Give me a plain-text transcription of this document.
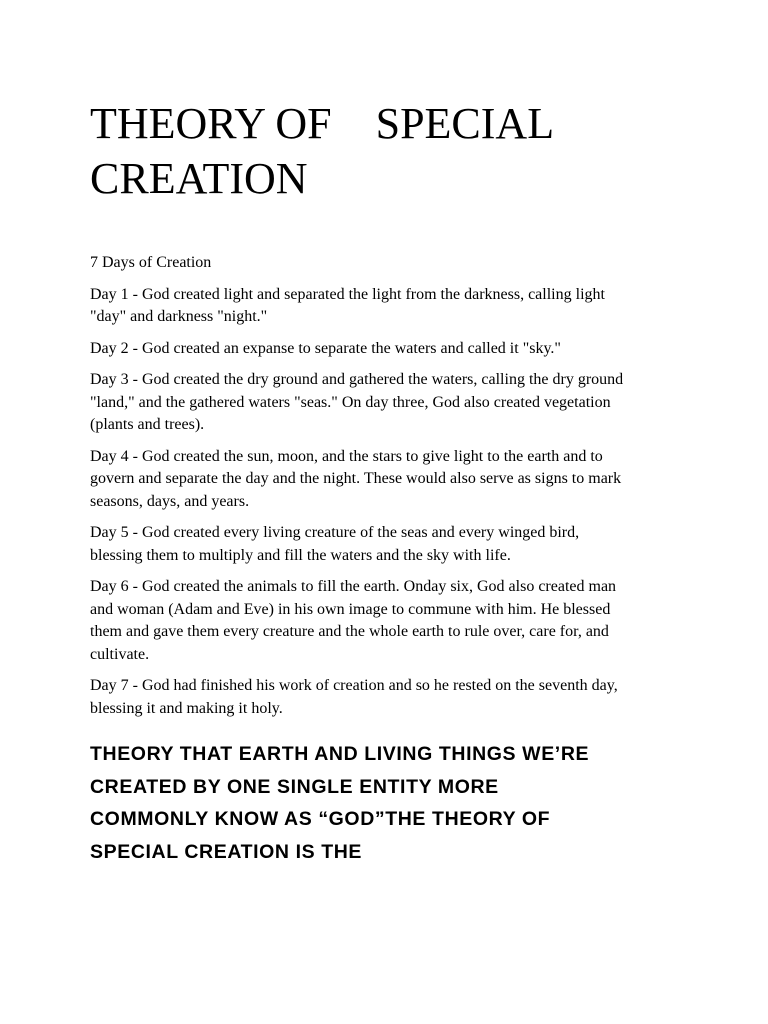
THEORY OF    SPECIAL CREATION

7 Days of Creation

Day 1 - God created light and separated the light from the darkness, calling light
"day" and darkness "night."

Day 2 - God created an expanse to separate the waters and called it "sky."

Day 3 - God created the dry ground and gathered the waters, calling the dry ground
"land," and the gathered waters "seas." On day three, God also created vegetation
(plants and trees).

Day 4 - God created the sun, moon, and the stars to give light to the earth and to
govern and separate the day and the night. These would also serve as signs to mark
seasons, days, and years.

Day 5 - God created every living creature of the seas and every winged bird,
blessing them to multiply and fill the waters and the sky with life.

Day 6 - God created the animals to fill the earth. Onday six, God also created man
and woman (Adam and Eve) in his own image to commune with him. He blessed
them and gave them every creature and the whole earth to rule over, care for, and
cultivate.

Day 7 - God had finished his work of creation and so he rested on the seventh day,
blessing it and making it holy.

THEORY THAT EARTH AND LIVING THINGS WE’RE
CREATED BY ONE SINGLE ENTITY MORE
COMMONLY KNOW AS “GOD”THE THEORY OF
SPECIAL CREATION IS THE
